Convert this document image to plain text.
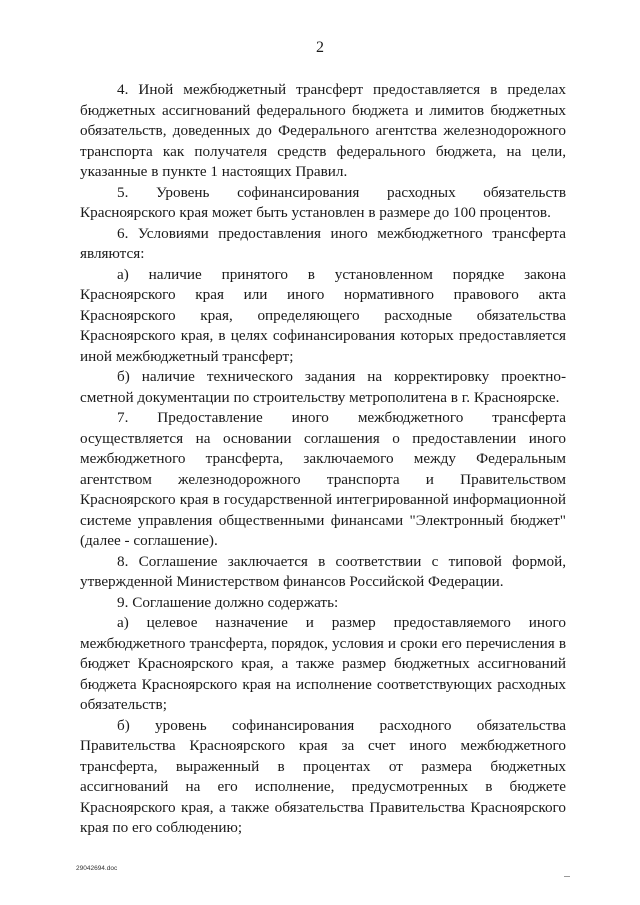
2

4. Иной межбюджетный трансферт предоставляется в пределах бюджетных ассигнований федерального бюджета и лимитов бюджетных обязательств, доведенных до Федерального агентства железнодорожного транспорта как получателя средств федерального бюджета, на цели, указанные в пункте 1 настоящих Правил.

5. Уровень софинансирования расходных обязательств Красноярского края может быть установлен в размере до 100 процентов.

6. Условиями предоставления иного межбюджетного трансферта являются:

а) наличие принятого в установленном порядке закона Красноярского края или иного нормативного правового акта Красноярского края, определяющего расходные обязательства Красноярского края, в целях софинансирования которых предоставляется иной межбюджетный трансферт;

б) наличие технического задания на корректировку проектно-сметной документации по строительству метрополитена в г. Красноярске.

7. Предоставление иного межбюджетного трансферта осуществляется на основании соглашения о предоставлении иного межбюджетного трансферта, заключаемого между Федеральным агентством железнодорожного транспорта и Правительством Красноярского края в государственной интегрированной информационной системе управления общественными финансами "Электронный бюджет" (далее - соглашение).

8. Соглашение заключается в соответствии с типовой формой, утвержденной Министерством финансов Российской Федерации.

9. Соглашение должно содержать:

а) целевое назначение и размер предоставляемого иного межбюджетного трансферта, порядок, условия и сроки его перечисления в бюджет Красноярского края, а также размер бюджетных ассигнований бюджета Красноярского края на исполнение соответствующих расходных обязательств;

б) уровень софинансирования расходного обязательства Правительства Красноярского края за счет иного межбюджетного трансферта, выраженный в процентах от размера бюджетных ассигнований на его исполнение, предусмотренных в бюджете Красноярского края, а также обязательства Правительства Красноярского края по его соблюдению;

29042694.doc
